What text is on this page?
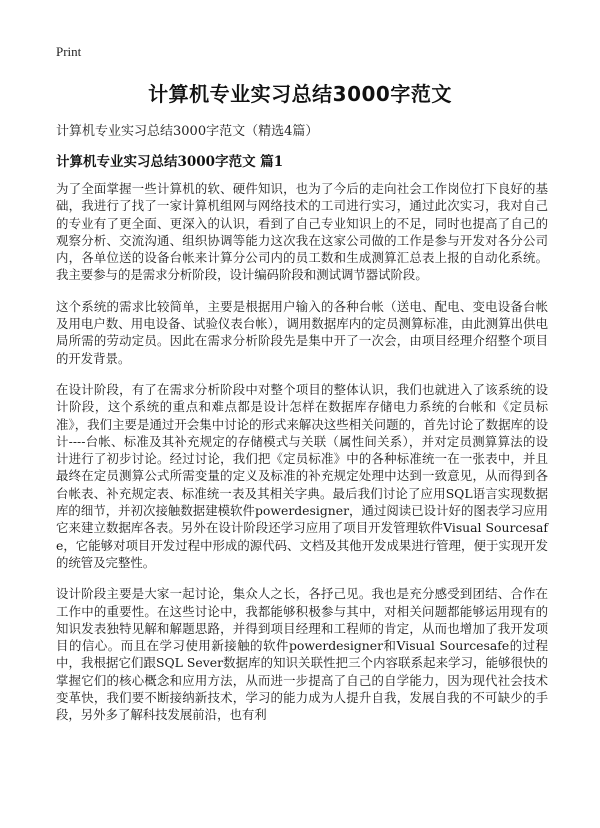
Print
计算机专业实习总结3000字范文
计算机专业实习总结3000字范文（精选4篇）
计算机专业实习总结3000字范文 篇1

为了全面掌握一些计算机的软、硬件知识，也为了今后的走向社会工作岗位打下良好的基础，我进行了找了一家计算机组网与网络技术的工司进行实习，通过此次实习，我对自己的专业有了更全面、更深入的认识，看到了自己专业知识上的不足，同时也提高了自己的观察分析、交流沟通、组织协调等能力这次我在这家公司做的工作是参与开发对各分公司内，各单位送的设备台帐来计算分公司内的员工数和生成测算汇总表上报的自动化系统。我主要参与的是需求分析阶段，设计编码阶段和测试调节器试阶段。

这个系统的需求比较简单，主要是根据用户输入的各种台帐（送电、配电、变电设备台帐及用电户数、用电设备、试验仪表台帐），调用数据库内的定员测算标准，由此测算出供电局所需的劳动定员。因此在需求分析阶段先是集中开了一次会，由项目经理介绍整个项目的开发背景。

在设计阶段，有了在需求分析阶段中对整个项目的整体认识，我们也就进入了该系统的设计阶段，这个系统的重点和难点都是设计怎样在数据库存储电力系统的台帐和《定员标准》，我们主要是通过开会集中讨论的形式来解决这些相关问题的，首先讨论了数据库的设计----台帐、标准及其补充规定的存储模式与关联（属性间关系），并对定员测算算法的设计进行了初步讨论。经过讨论，我们把《定员标准》中的各种标准统一在一张表中，并且最终在定员测算公式所需变量的定义及标准的补充规定处理中达到一致意见，从而得到各台帐表、补充规定表、标准统一表及其相关字典。最后我们讨论了应用SQL语言实现数据库的细节，并初次接触数据建模软件powerdesigner，通过阅读已设计好的图表学习应用它来建立数据库各表。另外在设计阶段还学习应用了项目开发管理软件Visual Sourcesafe，它能够对项目开发过程中形成的源代码、文档及其他开发成果进行管理，便于实现开发的统管及完整性。

设计阶段主要是大家一起讨论，集众人之长，各抒己见。我也是充分感受到团结、合作在工作中的重要性。在这些讨论中，我都能够积极参与其中，对相关问题都能够运用现有的知识发表独特见解和解题思路，并得到项目经理和工程师的肯定，从而也增加了我开发项目的信心。而且在学习使用新接触的软件powerdesigner和Visual Sourcesafe的过程中，我根据它们跟SQL Sever数据库的知识关联性把三个内容联系起来学习，能够很快的掌握它们的核心概念和应用方法，从而进一步提高了自己的自学能力，因为现代社会技术变革快，我们要不断接纳新技术，学习的能力成为人提升自我，发展自我的不可缺少的手段，另外多了解科技发展前沿，也有利
